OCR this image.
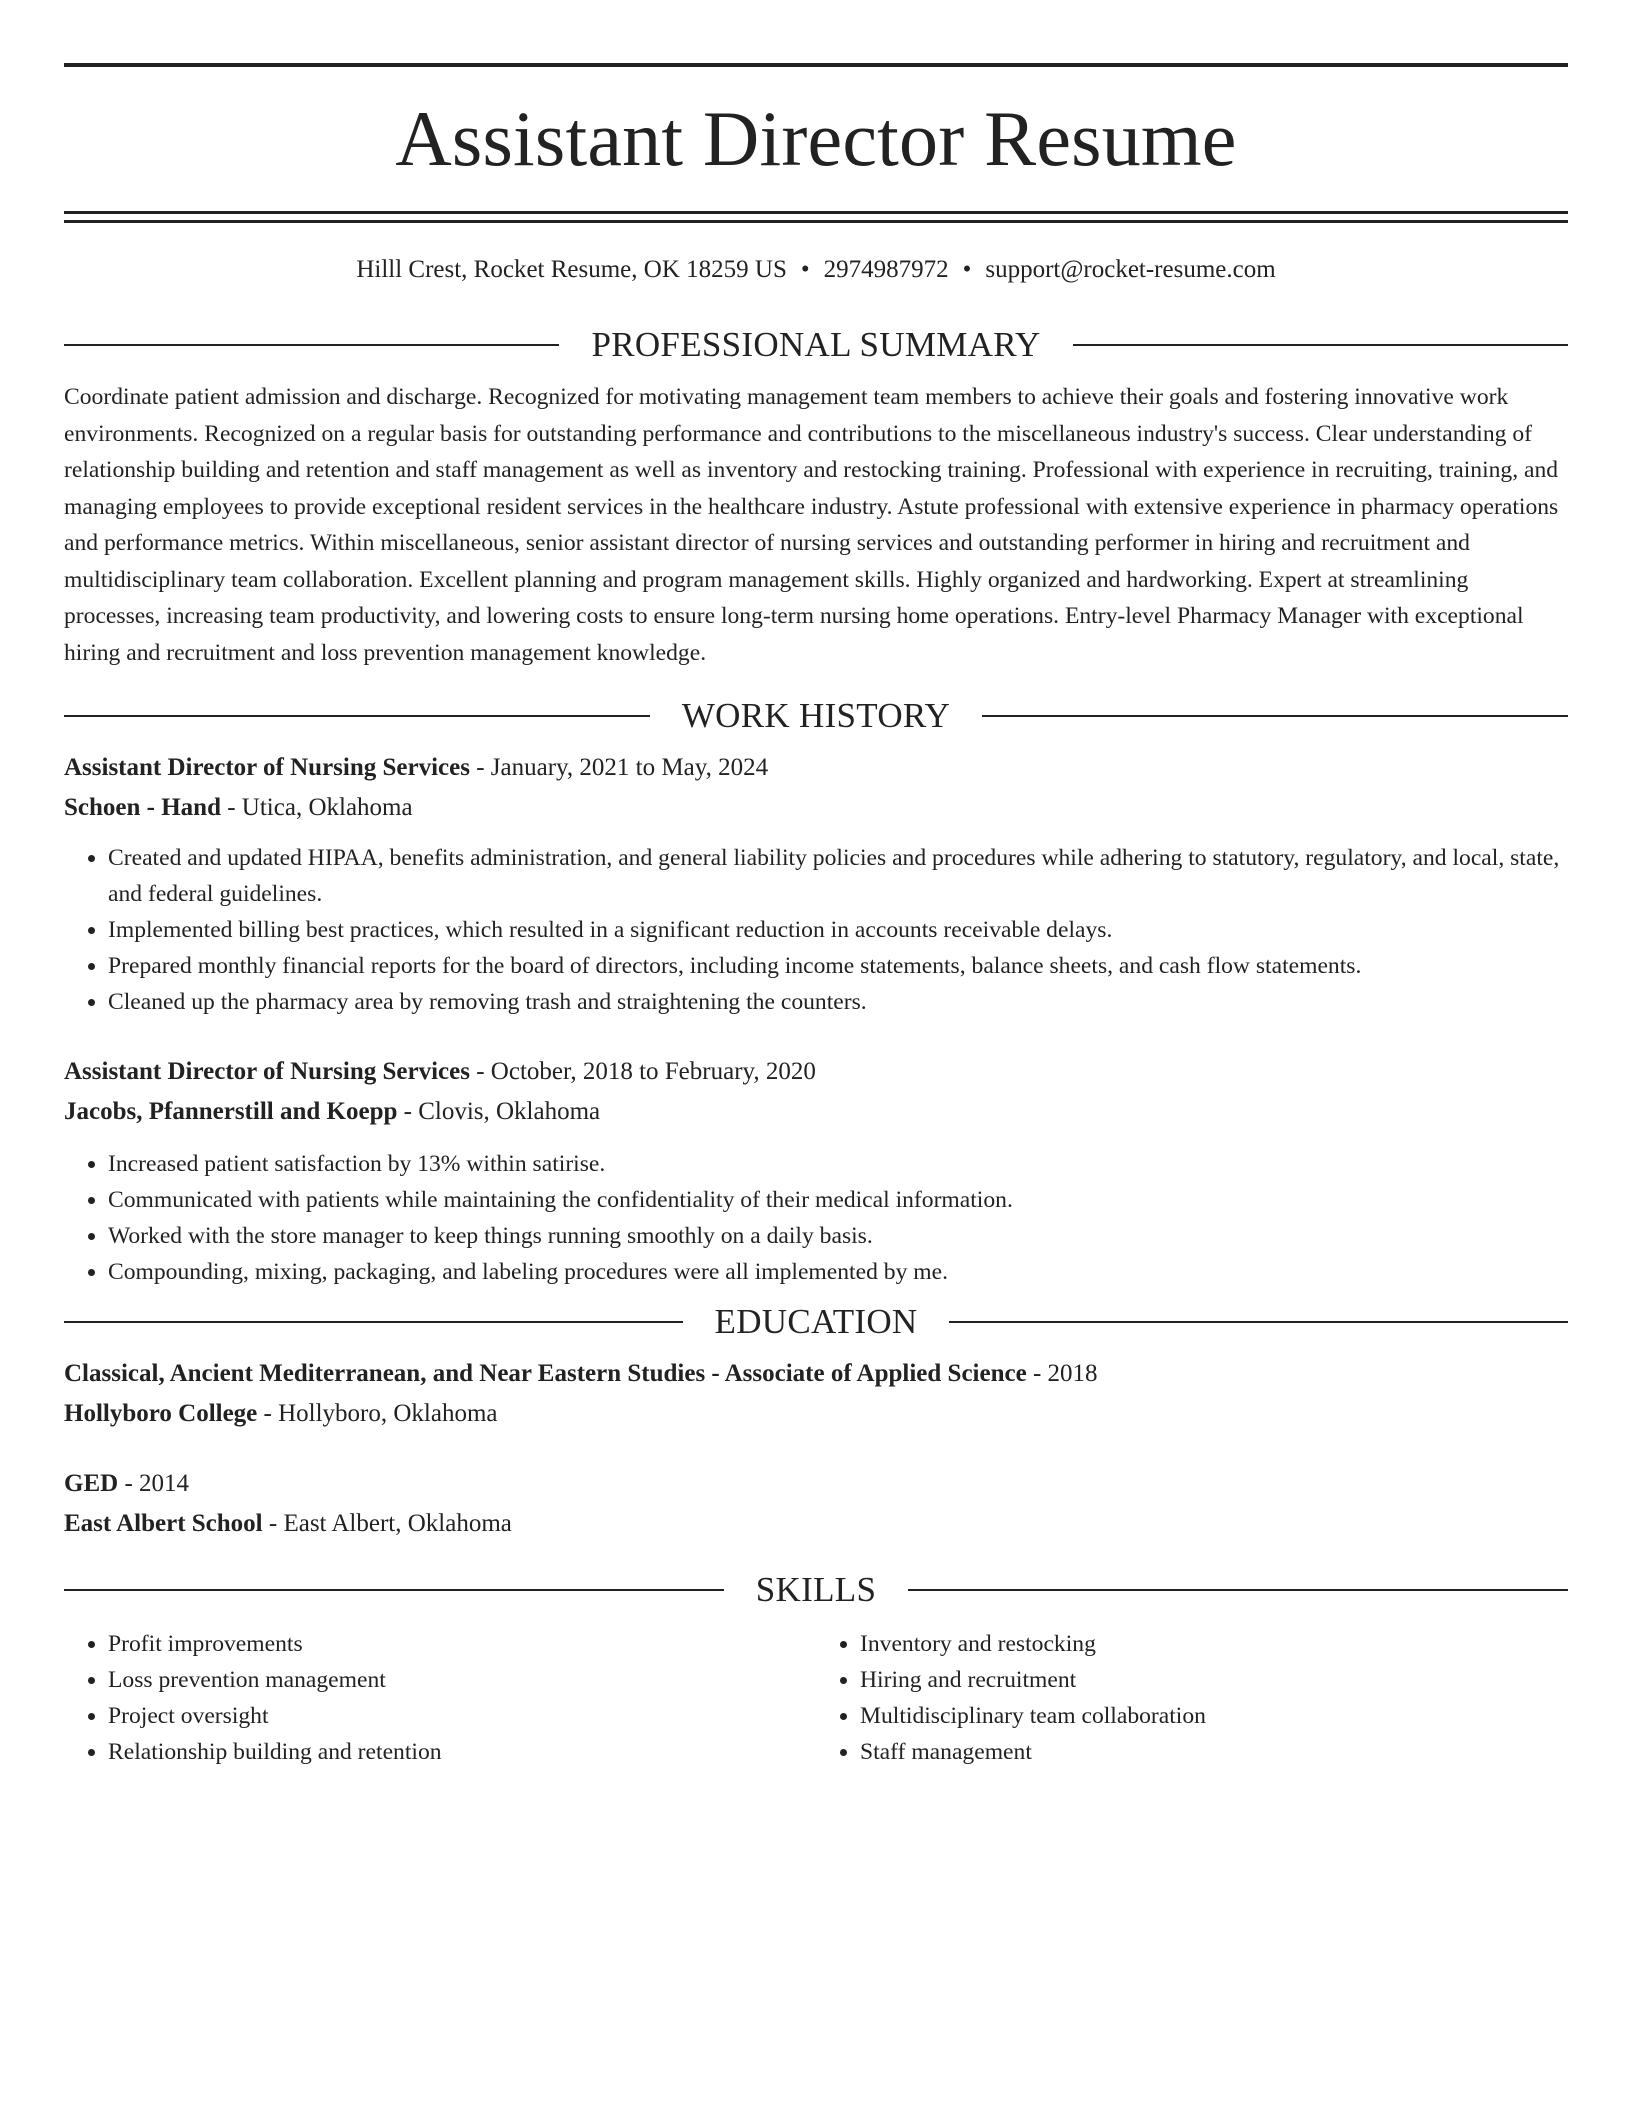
Assistant Director Resume
Hilll Crest, Rocket Resume, OK 18259 US • 2974987972 • support@rocket-resume.com
PROFESSIONAL SUMMARY

Coordinate patient admission and discharge. Recognized for motivating management team members to achieve their goals and fostering innovative work environments. Recognized on a regular basis for outstanding performance and contributions to the miscellaneous industry's success. Clear understanding of relationship building and retention and staff management as well as inventory and restocking training. Professional with experience in recruiting, training, and managing employees to provide exceptional resident services in the healthcare industry. Astute professional with extensive experience in pharmacy operations and performance metrics. Within miscellaneous, senior assistant director of nursing services and outstanding performer in hiring and recruitment and multidisciplinary team collaboration. Excellent planning and program management skills. Highly organized and hardworking. Expert at streamlining processes, increasing team productivity, and lowering costs to ensure long-term nursing home operations. Entry-level Pharmacy Manager with exceptional hiring and recruitment and loss prevention management knowledge.

WORK HISTORY
Assistant Director of Nursing Services - January, 2021 to May, 2024
Schoen - Hand - Utica, Oklahoma
• Created and updated HIPAA, benefits administration, and general liability policies and procedures while adhering to statutory, regulatory, and local, state, and federal guidelines.
• Implemented billing best practices, which resulted in a significant reduction in accounts receivable delays.
• Prepared monthly financial reports for the board of directors, including income statements, balance sheets, and cash flow statements.
• Cleaned up the pharmacy area by removing trash and straightening the counters.
Assistant Director of Nursing Services - October, 2018 to February, 2020
Jacobs, Pfannerstill and Koepp - Clovis, Oklahoma
• Increased patient satisfaction by 13% within satirise.
• Communicated with patients while maintaining the confidentiality of their medical information.
• Worked with the store manager to keep things running smoothly on a daily basis.
• Compounding, mixing, packaging, and labeling procedures were all implemented by me.
EDUCATION
Classical, Ancient Mediterranean, and Near Eastern Studies - Associate of Applied Science - 2018
Hollyboro College - Hollyboro, Oklahoma
GED - 2014
East Albert School - East Albert, Oklahoma
SKILLS
• Profit improvements
• Loss prevention management
• Project oversight
• Relationship building and retention
• Inventory and restocking
• Hiring and recruitment
• Multidisciplinary team collaboration
• Staff management
